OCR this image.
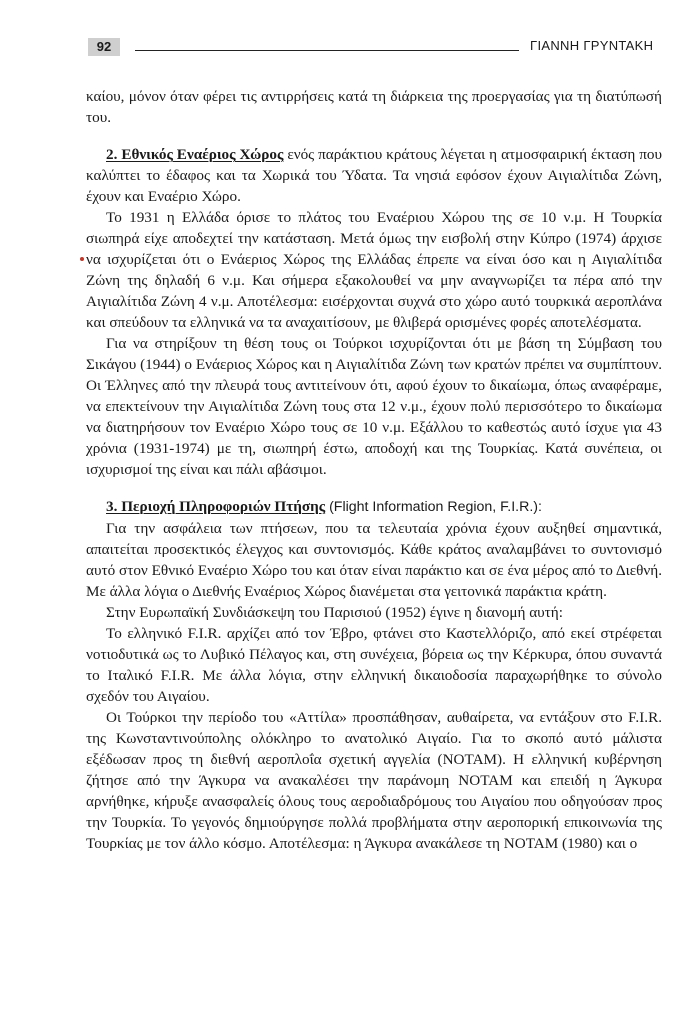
92	ΓΙΑΝΝΗ ΓΡΥΝΤΑΚΗ

καίου, μόνον όταν φέρει τις αντιρρήσεις κατά τη διάρκεια της προεργασίας για τη διατύπωσή του.

2. Εθνικός Εναέριος Χώρος ενός παράκτιου κράτους λέγεται η ατμοσφαιρική έκταση που καλύπτει το έδαφος και τα Χωρικά του Ύδατα. Τα νησιά εφόσον έχουν Αιγιαλίτιδα Ζώνη, έχουν και Εναέριο Χώρο.

Το 1931 η Ελλάδα όρισε το πλάτος του Εναέριου Χώρου της σε 10 ν.μ. Η Τουρκία σιωπηρά είχε αποδεχτεί την κατάσταση. Μετά όμως την εισβολή στην Κύπρο (1974) άρχισε να ισχυρίζεται ότι ο Ενάεριος Χώρος της Ελλάδας έπρεπε να είναι όσο και η Αιγιαλίτιδα Ζώνη της δηλαδή 6 ν.μ. Και σήμερα εξακολουθεί να μην αναγνωρίζει τα πέρα από την Αιγιαλίτιδα Ζώνη 4 ν.μ. Αποτέλεσμα: εισέρχονται συχνά στο χώρο αυτό τουρκικά αεροπλάνα και σπεύδουν τα ελληνικά να τα αναχαιτίσουν, με θλιβερά ορισμένες φορές αποτελέσματα.

Για να στηρίξουν τη θέση τους οι Τούρκοι ισχυρίζονται ότι με βάση τη Σύμβαση του Σικάγου (1944) ο Ενάεριος Χώρος και η Αιγιαλίτιδα Ζώνη των κρατών πρέπει να συμπίπτουν. Οι Έλληνες από την πλευρά τους αντιτείνουν ότι, αφού έχουν το δικαίωμα, όπως αναφέραμε, να επεκτείνουν την Αιγιαλίτιδα Ζώνη τους στα 12 ν.μ., έχουν πολύ περισσότερο το δικαίωμα να διατηρήσουν τον Εναέριο Χώρο τους σε 10 ν.μ. Εξάλλου το καθεστώς αυτό ίσχυε για 43 χρόνια (1931-1974) με τη, σιωπηρή έστω, αποδοχή και της Τουρκίας. Κατά συνέπεια, οι ισχυρισμοί της είναι και πάλι αβάσιμοι.

3. Περιοχή Πληροφοριών Πτήσης (Flight Information Region, F.I.R.):

Για την ασφάλεια των πτήσεων, που τα τελευταία χρόνια έχουν αυξηθεί σημαντικά, απαιτείται προσεκτικός έλεγχος και συντονισμός. Κάθε κράτος αναλαμβάνει το συντονισμό αυτό στον Εθνικό Εναέριο Χώρο του και όταν είναι παράκτιο και σε ένα μέρος από το Διεθνή. Με άλλα λόγια ο Διεθνής Εναέριος Χώρος διανέμεται στα γειτονικά παράκτια κράτη.

Στην Ευρωπαϊκή Συνδιάσκεψη του Παρισιού (1952) έγινε η διανομή αυτή:

Το ελληνικό F.I.R. αρχίζει από τον Έβρο, φτάνει στο Καστελλόριζο, από εκεί στρέφεται νοτιοδυτικά ως το Λυβικό Πέλαγος και, στη συνέχεια, βόρεια ως την Κέρκυρα, όπου συναντά το Ιταλικό F.I.R. Με άλλα λόγια, στην ελληνική δικαιοδοσία παραχωρήθηκε το σύνολο σχεδόν του Αιγαίου.

Οι Τούρκοι την περίοδο του «Αττίλα» προσπάθησαν, αυθαίρετα, να εντάξουν στο F.I.R. της Κωνσταντινούπολης ολόκληρο το ανατολικό Αιγαίο. Για το σκοπό αυτό μάλιστα εξέδωσαν προς τη διεθνή αεροπλοΐα σχετική αγγελία (NOTAM). Η ελληνική κυβέρνηση ζήτησε από την Άγκυρα να ανακαλέσει την παράνομη NOTAM και επειδή η Άγκυρα αρνήθηκε, κήρυξε ανασφαλείς όλους τους αεροδιαδρόμους του Αιγαίου που οδηγούσαν προς την Τουρκία. Το γεγονός δημιούργησε πολλά προβλήματα στην αεροπορική επικοινωνία της Τουρκίας με τον άλλο κόσμο. Αποτέλεσμα: η Άγκυρα ανακάλεσε τη NOTAM (1980) και ο
